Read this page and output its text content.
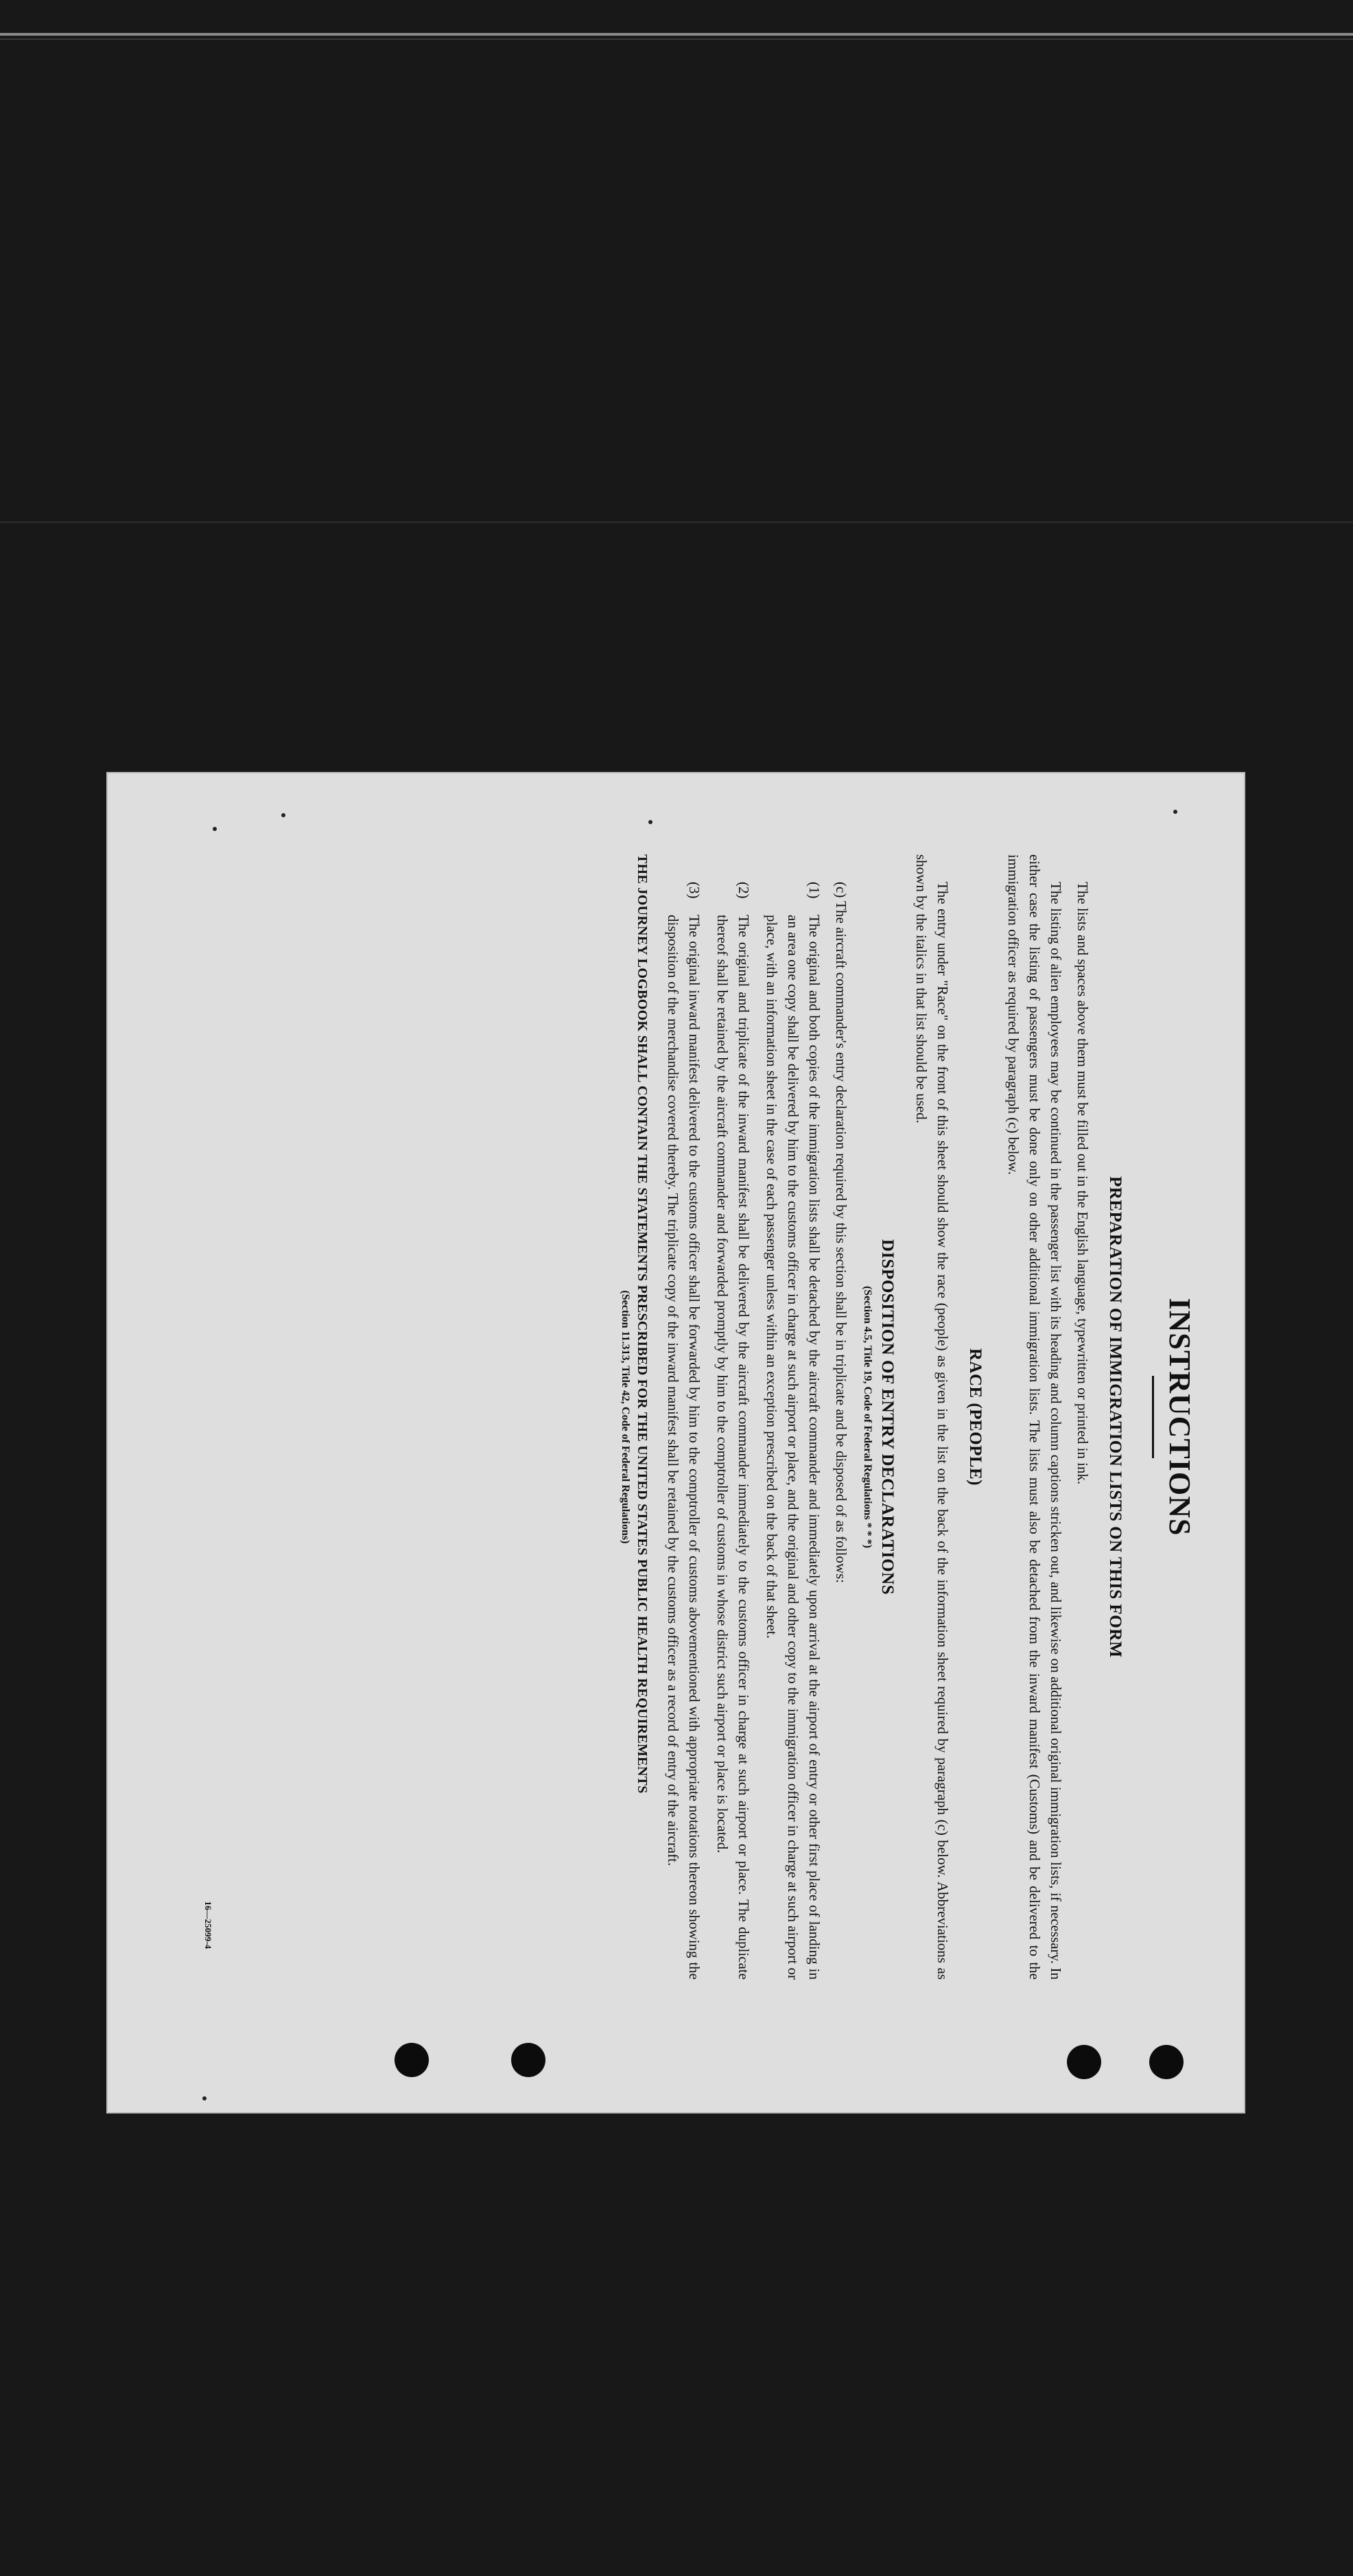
INSTRUCTIONS
PREPARATION OF IMMIGRATION LISTS ON THIS FORM

The lists and spaces above them must be filled out in the English language, typewritten or printed in ink.

The listing of alien employees may be continued in the passenger list with its heading and column captions stricken out, and likewise on additional original immigration lists, if necessary. In either case the listing of passengers must be done only on other additional immigration lists. The lists must also be detached from the inward manifest (Customs) and be delivered to the immigration officer as required by paragraph (c) below.

RACE (PEOPLE)

The entry under "Race" on the front of this sheet should show the race (people) as given in the list on the back of the information sheet required by paragraph (c) below. Abbreviations as shown by the italics in that list should be used.

DISPOSITION OF ENTRY DECLARATIONS

(Section 4.5, Title 19, Code of Federal Regulations * * *)

(c) The aircraft commander's entry declaration required by this section shall be in triplicate and be disposed of as follows:

(1)
The original and both copies of the immigration lists shall be detached by the aircraft commander and immediately upon arrival at the airport of entry or other first place of landing in an area one copy shall be delivered by him to the customs officer in charge at such airport or place, and the original and other copy to the immigration officer in charge at such airport or place, with an information sheet in the case of each passenger unless within an exception prescribed on the back of that sheet.
(2)
The original and triplicate of the inward manifest shall be delivered by the aircraft commander immediately to the customs officer in charge at such airport or place. The duplicate thereof shall be retained by the aircraft commander and forwarded promptly by him to the comptroller of customs in whose district such airport or place is located.
(3)
The original inward manifest delivered to the customs officer shall be forwarded by him to the comptroller of customs abovementioned with appropriate notations thereon showing the disposition of the merchandise covered thereby. The triplicate copy of the inward manifest shall be retained by the customs officer as a record of entry of the aircraft.

THE JOURNEY LOGBOOK SHALL CONTAIN THE STATEMENTS PRESCRIBED FOR THE UNITED STATES PUBLIC HEALTH REQUIREMENTS

(Section 11.313, Title 42, Code of Federal Regulations)

16—25099-4
